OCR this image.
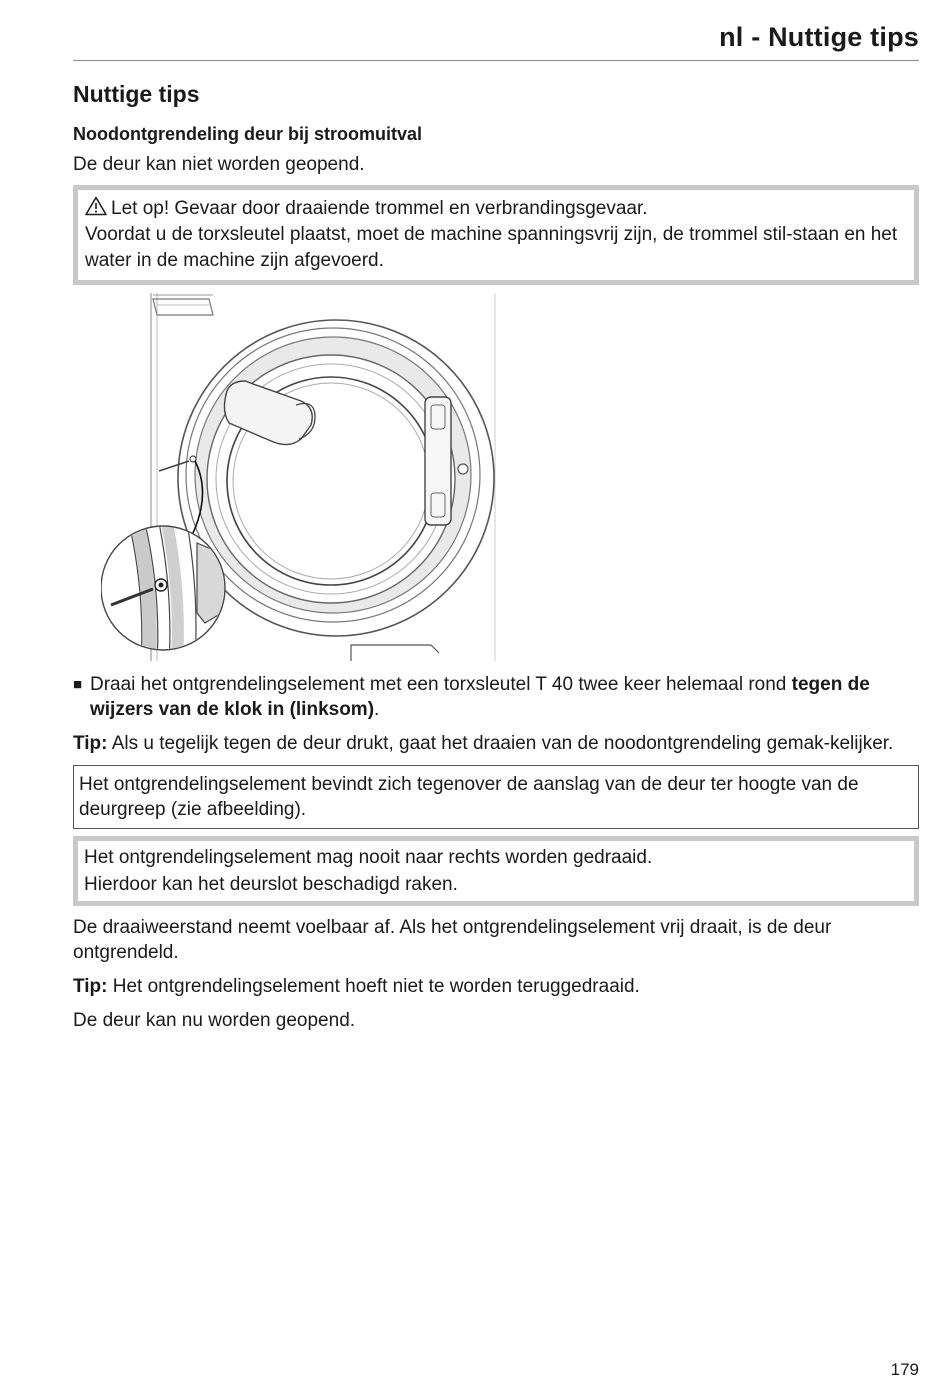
nl - Nuttige tips
Nuttige tips
Noodontgrendeling deur bij stroomuitval

De deur kan niet worden geopend.

Let op! Gevaar door draaiende trommel en verbrandingsgevaar.

Voordat u de torxsleutel plaatst, moet de machine spanningsvrij zijn, de trommel stil-staan en het water in de machine zijn afgevoerd.

■ Draai het ontgrendelingselement met een torxsleutel T 40 twee keer helemaal rond tegen de wijzers van de klok in (linksom).

Tip: Als u tegelijk tegen de deur drukt, gaat het draaien van de noodontgrendeling gemak-kelijker.

Het ontgrendelingselement bevindt zich tegenover de aanslag van de deur ter hoogte van de deurgreep (zie afbeelding).

Het ontgrendelingselement mag nooit naar rechts worden gedraaid.

Hierdoor kan het deurslot beschadigd raken.

De draaiweerstand neemt voelbaar af. Als het ontgrendelingselement vrij draait, is de deur ontgrendeld.

Tip: Het ontgrendelingselement hoeft niet te worden teruggedraaid.

De deur kan nu worden geopend.

179
